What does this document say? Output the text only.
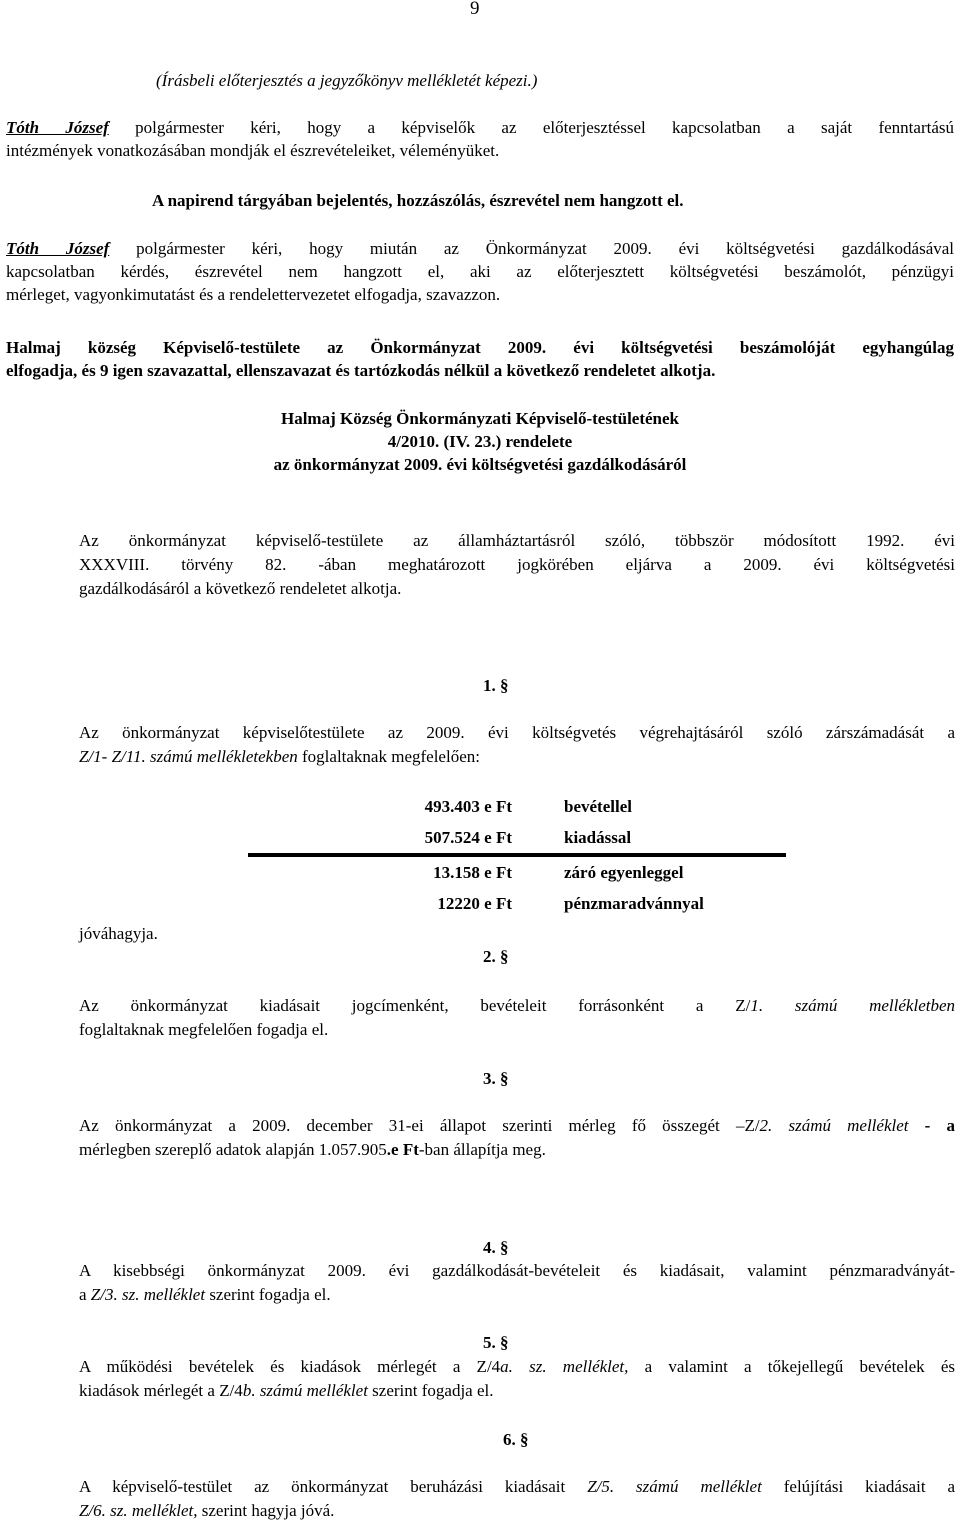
9
(Írásbeli előterjesztés a jegyzőkönyv mellékletét képezi.)
Tóth József polgármester kéri, hogy a képviselők az előterjesztéssel kapcsolatban a saját fenntartású
intézmények vonatkozásában mondják el észrevételeiket, véleményüket.
A napirend tárgyában bejelentés, hozzászólás, észrevétel nem hangzott el.
Tóth József polgármester kéri, hogy miután az Önkormányzat 2009. évi költségvetési gazdálkodásával
kapcsolatban kérdés, észrevétel nem hangzott el, aki az előterjesztett költségvetési beszámolót, pénzügyi
mérleget, vagyonkimutatást és a rendelettervezetet elfogadja, szavazzon.
Halmaj község Képviselő-testülete az Önkormányzat 2009. évi költségvetési beszámolóját egyhangúlag
elfogadja, és 9 igen szavazattal, ellenszavazat és tartózkodás nélkül a következő rendeletet alkotja.
Halmaj Község Önkormányzati Képviselő-testületének
4/2010. (IV. 23.) rendelete
az önkormányzat 2009. évi költségvetési gazdálkodásáról
Az önkormányzat képviselő-testülete az államháztartásról szóló, többször módosított 1992. évi
XXXVIII. törvény 82. -ában meghatározott jogkörében eljárva a 2009. évi költségvetési
gazdálkodásáról a következő rendeletet alkotja.
1. §
Az önkormányzat képviselőtestülete az 2009. évi költségvetés végrehajtásáról szóló zárszámadását a
Z/1- Z/11. számú mellékletekben foglaltaknak megfelelően:
493.403 e Ft	bevétellel
507.524 e Ft	kiadással
13.158 e Ft	záró egyenleggel
12220 e Ft	pénzmaradvánnyal
jóváhagyja.
2. §
Az önkormányzat kiadásait jogcímenként, bevételeit forrásonként a Z/1. számú mellékletben
foglaltaknak megfelelően fogadja el.
3. §
Az önkormányzat a 2009. december 31-ei állapot szerinti mérleg fő összegét –Z/2. számú melléklet - a
mérlegben szereplő adatok alapján 1.057.905.e Ft-ban állapítja meg.
4. §
A kisebbségi önkormányzat 2009. évi gazdálkodását-bevételeit és kiadásait, valamint pénzmaradványát-
a Z/3. sz. melléklet szerint fogadja el.
5. §
A működési bevételek és kiadások mérlegét a Z/4a. sz. melléklet, a valamint a tőkejellegű bevételek és
kiadások mérlegét a Z/4b. számú melléklet szerint fogadja el.
6. §
A képviselő-testület az önkormányzat beruházási kiadásait Z/5. számú melléklet felújítási kiadásait a
Z/6. sz. melléklet, szerint hagyja jóvá.
